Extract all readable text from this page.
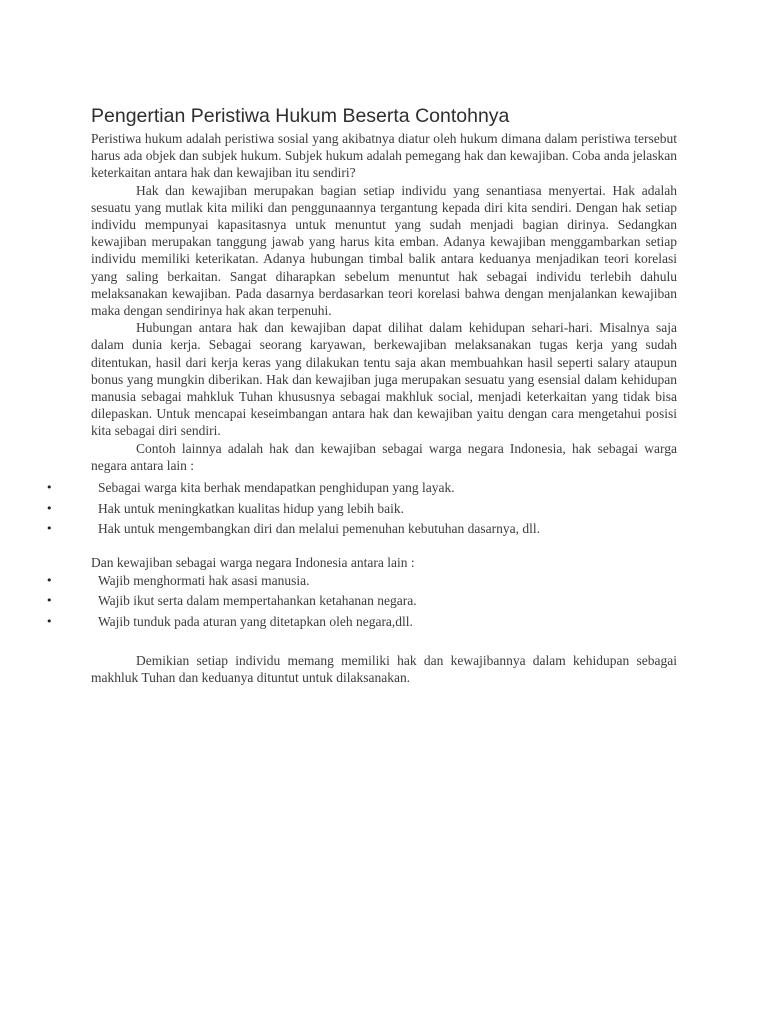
Pengertian Peristiwa Hukum Beserta Contohnya

Peristiwa hukum adalah peristiwa sosial yang akibatnya diatur oleh hukum dimana dalam peristiwa tersebut harus ada objek dan subjek hukum. Subjek hukum adalah pemegang hak dan kewajiban. Coba anda jelaskan keterkaitan antara hak dan kewajiban itu sendiri?

Hak dan kewajiban merupakan bagian setiap individu yang senantiasa menyertai. Hak adalah sesuatu yang mutlak kita miliki dan penggunaannya tergantung kepada diri kita sendiri. Dengan hak setiap individu mempunyai kapasitasnya untuk menuntut yang sudah menjadi bagian dirinya. Sedangkan kewajiban merupakan tanggung jawab yang harus kita emban. Adanya kewajiban menggambarkan setiap individu memiliki keterikatan. Adanya hubungan timbal balik antara keduanya menjadikan teori korelasi yang saling berkaitan. Sangat diharapkan sebelum menuntut hak sebagai individu terlebih dahulu melaksanakan kewajiban. Pada dasarnya berdasarkan teori korelasi bahwa dengan menjalankan kewajiban maka dengan sendirinya hak akan terpenuhi.

Hubungan antara hak dan kewajiban dapat dilihat dalam kehidupan sehari-hari. Misalnya saja dalam dunia kerja. Sebagai seorang karyawan, berkewajiban melaksanakan tugas kerja yang sudah ditentukan, hasil dari kerja keras yang dilakukan tentu saja akan membuahkan hasil seperti salary ataupun bonus yang mungkin diberikan. Hak dan kewajiban juga merupakan sesuatu yang esensial dalam kehidupan manusia sebagai mahkluk Tuhan khususnya sebagai makhluk social, menjadi keterkaitan yang tidak bisa dilepaskan. Untuk mencapai keseimbangan antara hak dan kewajiban yaitu dengan cara mengetahui posisi kita sebagai diri sendiri.

Contoh lainnya adalah hak dan kewajiban sebagai warga negara Indonesia, hak sebagai warga negara antara lain :

•	Sebagai warga kita berhak mendapatkan penghidupan yang layak.
•	Hak untuk meningkatkan kualitas hidup yang lebih baik.
•	Hak untuk mengembangkan diri dan melalui pemenuhan kebutuhan dasarnya, dll.

Dan kewajiban sebagai warga negara Indonesia antara lain :

•	Wajib menghormati hak asasi manusia.
•	Wajib ikut serta dalam mempertahankan ketahanan negara.
•	Wajib tunduk pada aturan yang ditetapkan oleh negara,dll.

Demikian setiap individu memang memiliki hak dan kewajibannya dalam kehidupan sebagai makhluk Tuhan dan keduanya dituntut untuk dilaksanakan.
